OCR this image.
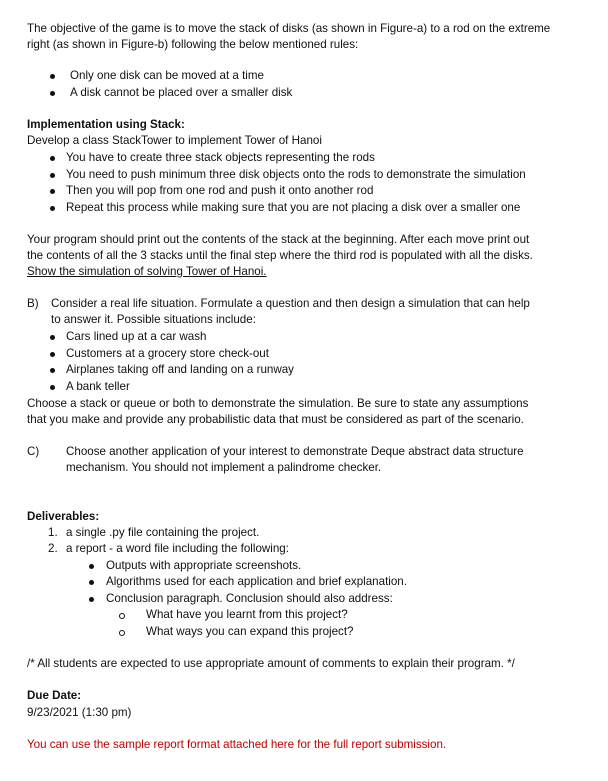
The objective of the game is to move the stack of disks (as shown in Figure-a) to a rod on the extreme
right (as shown in Figure-b) following the below mentioned rules:
Only one disk can be moved at a time
A disk cannot be placed over a smaller disk
Implementation using Stack:
Develop a class StackTower to implement Tower of Hanoi
You have to create three stack objects representing the rods
You need to push minimum three disk objects onto the rods to demonstrate the simulation
Then you will pop from one rod and push it onto another rod
Repeat this process while making sure that you are not placing a disk over a smaller one
Your program should print out the contents of the stack at the beginning. After each move print out
the contents of all the 3 stacks until the final step where the third rod is populated with all the disks.
Show the simulation of solving Tower of Hanoi.
B) Consider a real life situation. Formulate a question and then design a simulation that can help
to answer it. Possible situations include:
Cars lined up at a car wash
Customers at a grocery store check-out
Airplanes taking off and landing on a runway
A bank teller
Choose a stack or queue or both to demonstrate the simulation. Be sure to state any assumptions
that you make and provide any probabilistic data that must be considered as part of the scenario.
C) Choose another application of your interest to demonstrate Deque abstract data structure
mechanism. You should not implement a palindrome checker.
Deliverables:
1. a single .py file containing the project.
2. a report - a word file including the following:
Outputs with appropriate screenshots.
Algorithms used for each application and brief explanation.
Conclusion paragraph. Conclusion should also address:
What have you learnt from this project?
What ways you can expand this project?
/* All students are expected to use appropriate amount of comments to explain their program. */
Due Date:
9/23/2021 (1:30 pm)
You can use the sample report format attached here for the full report submission.
